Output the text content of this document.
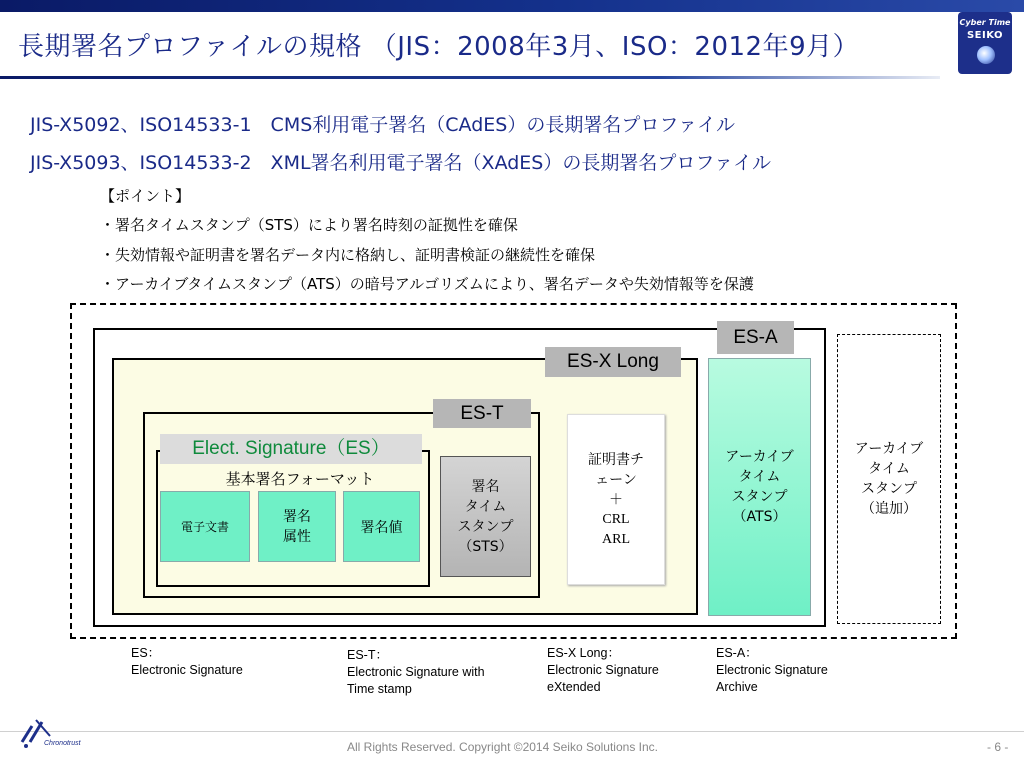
長期署名プロファイルの規格 （JIS：2008年3月、ISO：2012年9月）
Cyber Time
SEIKO
JIS-X5092、ISO14533-1　CMS利用電子署名（CAdES）の長期署名プロファイル
JIS-X5093、ISO14533-2　XML署名利用電子署名（XAdES）の長期署名プロファイル
【ポイント】
・署名タイムスタンプ（STS）により署名時刻の証拠性を確保
・失効情報や証明書を署名データ内に格納し、証明書検証の継続性を確保
・アーカイブタイムスタンプ（ATS）の暗号アルゴリズムにより、署名データや失効情報等を保護
ES-A
ES-X Long
ES-T
Elect. Signature（ES）
基本署名フォーマット
電子文書
署名
属性
署名値
署名
タイム
スタンプ
（STS）
証明書チ
ェーン
＋
CRL
ARL
アーカイブ
タイム
スタンプ
（ATS）
アーカイブ
タイム
スタンプ
（追加）
ES：
Electronic Signature
ES-T：
Electronic Signature with
Time stamp
ES-X Long：
Electronic Signature
eXtended
ES-A：
Electronic Signature
Archive
Chronotrust	All Rights Reserved. Copyright ©2014 Seiko Solutions Inc.	- 6 -
